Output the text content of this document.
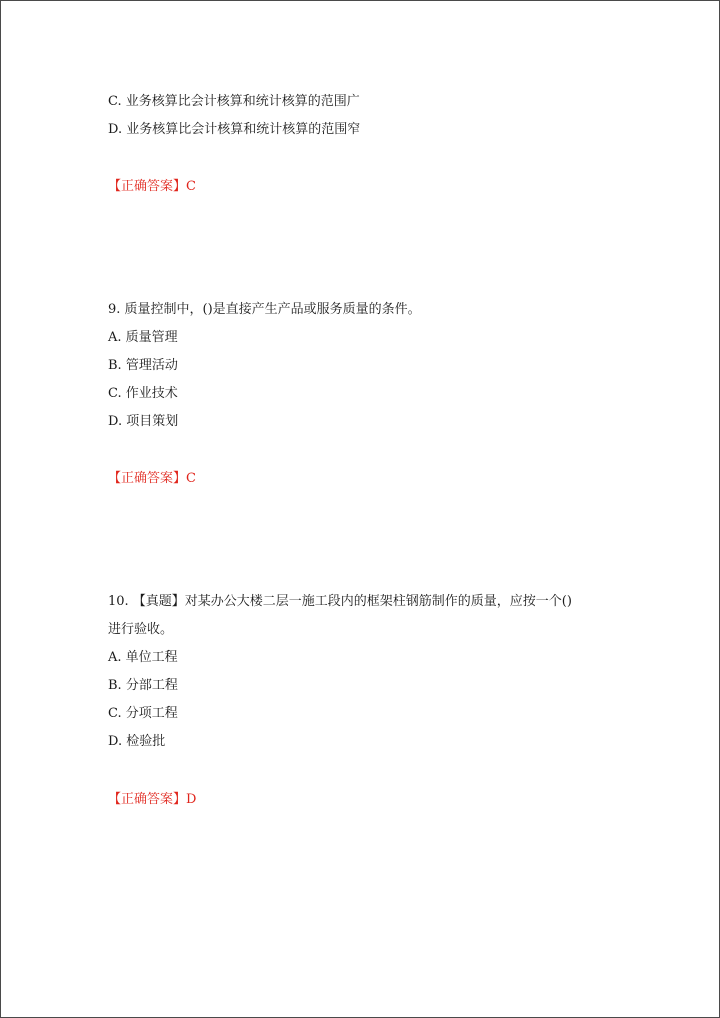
C. 业务核算比会计核算和统计核算的范围广
D. 业务核算比会计核算和统计核算的范围窄
【正确答案】C
9. 质量控制中，()是直接产生产品或服务质量的条件。
A. 质量管理
B. 管理活动
C. 作业技术
D. 项目策划
【正确答案】C
10. 【真题】对某办公大楼二层一施工段内的框架柱钢筋制作的质量，应按一个()
进行验收。
A. 单位工程
B. 分部工程
C. 分项工程
D. 检验批
【正确答案】D
